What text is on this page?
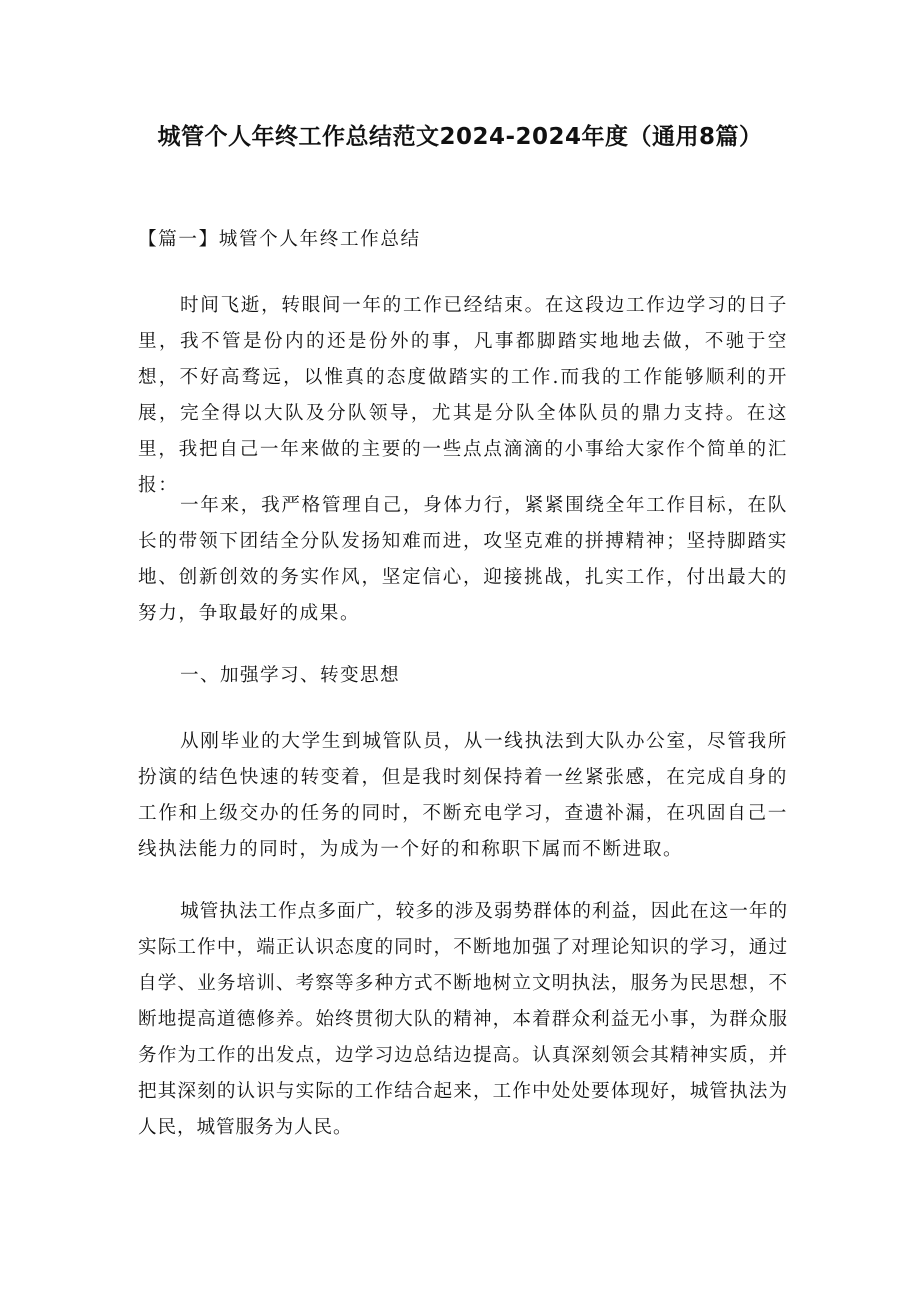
城管个人年终工作总结范文2024-2024年度（通用8篇）

【篇一】城管个人年终工作总结

时间飞逝，转眼间一年的工作已经结束。在这段边工作边学习的日子里，我不管是份内的还是份外的事，凡事都脚踏实地地去做，不驰于空想，不好高骛远，以惟真的态度做踏实的工作.而我的工作能够顺利的开展，完全得以大队及分队领导，尤其是分队全体队员的鼎力支持。在这里，我把自己一年来做的主要的一些点点滴滴的小事给大家作个简单的汇报：

一年来，我严格管理自己，身体力行，紧紧围绕全年工作目标，在队长的带领下团结全分队发扬知难而进，攻坚克难的拼搏精神；坚持脚踏实地、创新创效的务实作风，坚定信心，迎接挑战，扎实工作，付出最大的努力，争取最好的成果。

一、加强学习、转变思想

从刚毕业的大学生到城管队员，从一线执法到大队办公室，尽管我所扮演的结色快速的转变着，但是我时刻保持着一丝紧张感，在完成自身的工作和上级交办的任务的同时，不断充电学习，查遗补漏，在巩固自己一线执法能力的同时，为成为一个好的和称职下属而不断进取。

城管执法工作点多面广，较多的涉及弱势群体的利益，因此在这一年的实际工作中，端正认识态度的同时，不断地加强了对理论知识的学习，通过自学、业务培训、考察等多种方式不断地树立文明执法，服务为民思想，不断地提高道德修养。始终贯彻大队的精神，本着群众利益无小事，为群众服务作为工作的出发点，边学习边总结边提高。认真深刻领会其精神实质，并把其深刻的认识与实际的工作结合起来，工作中处处要体现好，城管执法为人民，城管服务为人民。
